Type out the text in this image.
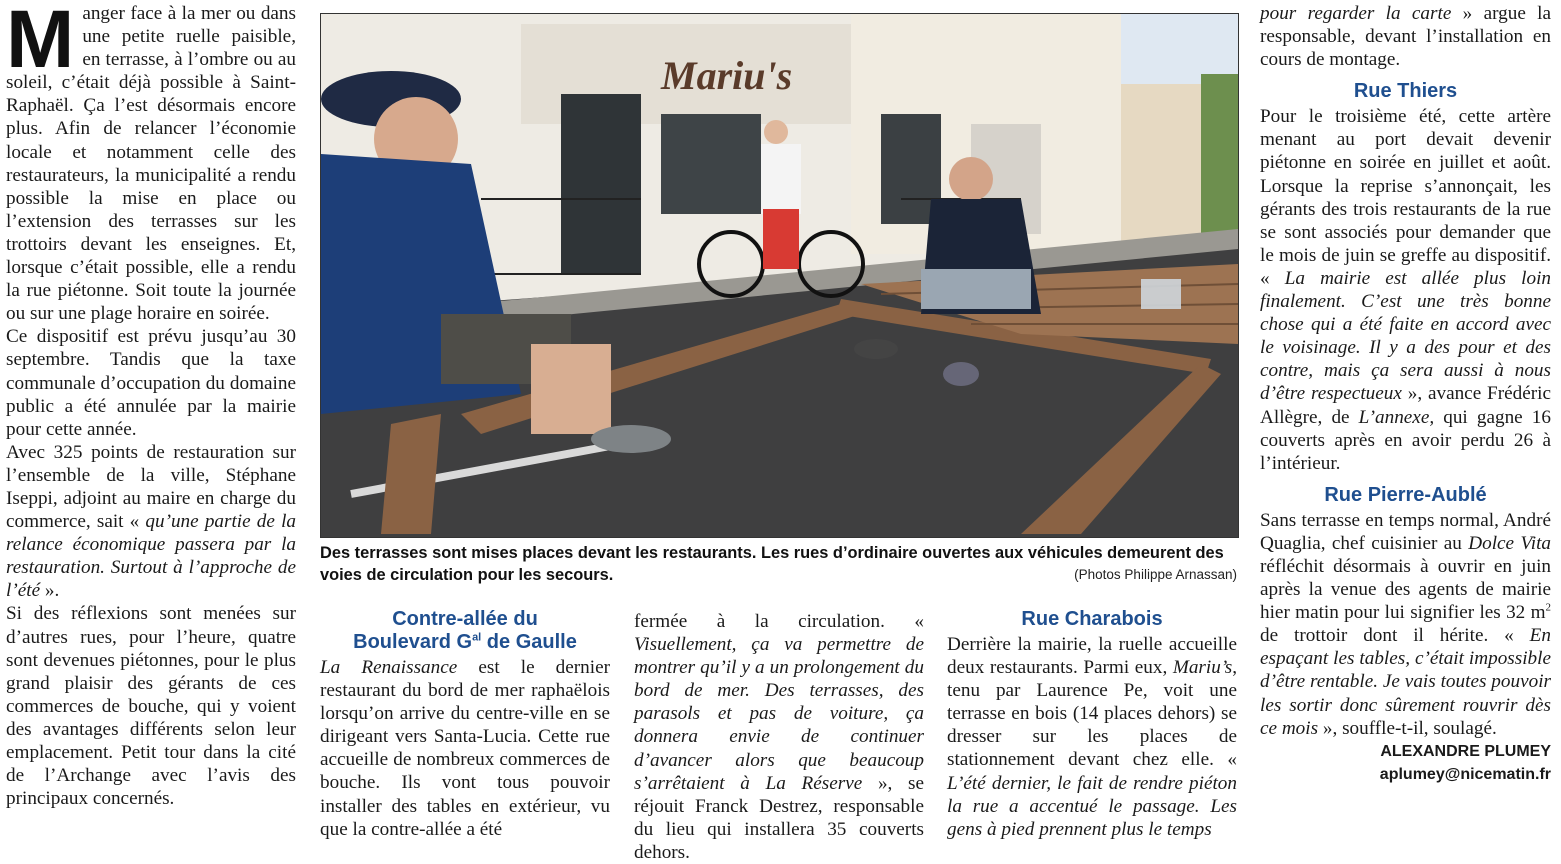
M anger face à la mer ou dans une petite ruelle paisible, en terrasse, à l’ombre ou au soleil, c’était déjà possible à Saint-Raphaël. Ça l’est désormais encore plus. Afin de relancer l’économie locale et notamment celle des restaurateurs, la municipalité a rendu possible la mise en place ou l’extension des terrasses sur les trottoirs devant les enseignes. Et, lorsque c’était possible, elle a rendu la rue piétonne. Soit toute la journée ou sur une plage horaire en soirée.

Ce dispositif est prévu jusqu’au 30 septembre. Tandis que la taxe communale d’occupation du domaine public a été annulée par la mairie pour cette année.

Avec 325 points de restauration sur l’ensemble de la ville, Stéphane Iseppi, adjoint au maire en charge du commerce, sait « qu’une partie de la relance économique passera par la restauration. Surtout à l’approche de l’été ».

Si des réflexions sont menées sur d’autres rues, pour l’heure, quatre sont devenues piétonnes, pour le plus grand plaisir des gérants de ces commerces de bouche, qui y voient des avantages différents selon leur emplacement. Petit tour dans la cité de l’Archange avec l’avis des principaux concernés.

Mariu's
Des terrasses sont mises places devant les restaurants. Les rues d’ordinaire ouvertes aux véhicules demeurent des voies de circulation pour les secours.	(Photos Philippe Arnassan)
Contre-allée du
Boulevard $G^{al}$ de Gaulle

La Renaissance est le dernier restaurant du bord de mer raphaëlois lorsqu’on arrive du centre-ville en se dirigeant vers Santa-Lucia. Cette rue accueille de nombreux commerces de bouche. Ils vont tous pouvoir installer des tables en extérieur, vu que la contre-allée a été

fermée à la circulation. « Visuellement, ça va permettre de montrer qu’il y a un prolongement du bord de mer. Des terrasses, des parasols et pas de voiture, ça donnera envie de continuer d’avancer alors que beaucoup s’arrêtaient à La Réserve », se réjouit Franck Destrez, responsable du lieu qui installera 35 couverts dehors.

Rue Charabois

Derrière la mairie, la ruelle accueille deux restaurants. Parmi eux, Mariu’s, tenu par Laurence Pe, voit une terrasse en bois (14 places dehors) se dresser sur les places de stationnement devant chez elle. « L’été dernier, le fait de rendre piéton la rue a accentué le passage. Les gens à pied prennent plus le temps

pour regarder la carte » argue la responsable, devant l’installation en cours de montage.

Rue Thiers

Pour le troisième été, cette artère menant au port devait devenir piétonne en soirée en juillet et août. Lorsque la reprise s’annonçait, les gérants des trois restaurants de la rue se sont associés pour demander que le mois de juin se greffe au dispositif. « La mairie est allée plus loin finalement. C’est une très bonne chose qui a été faite en accord avec le voisinage. Il y a des pour et des contre, mais ça sera aussi à nous d’être respectueux », avance Frédéric Allègre, de L’annexe, qui gagne 16 couverts après en avoir perdu 26 à l’intérieur.

Rue Pierre-Aublé

Sans terrasse en temps normal, André Quaglia, chef cuisinier au Dolce Vita réfléchit désormais à ouvrir en juin après la venue des agents de mairie hier matin pour lui signifier les 32 $m^2$ de trottoir dont il hérite. « En espaçant les tables, c’était impossible d’être rentable. Je vais toutes pouvoir les sortir donc sûrement rouvrir dès ce mois », souffle-t-il, soulagé.

ALEXANDRE PLUMEY
aplumey@nicematin.fr
